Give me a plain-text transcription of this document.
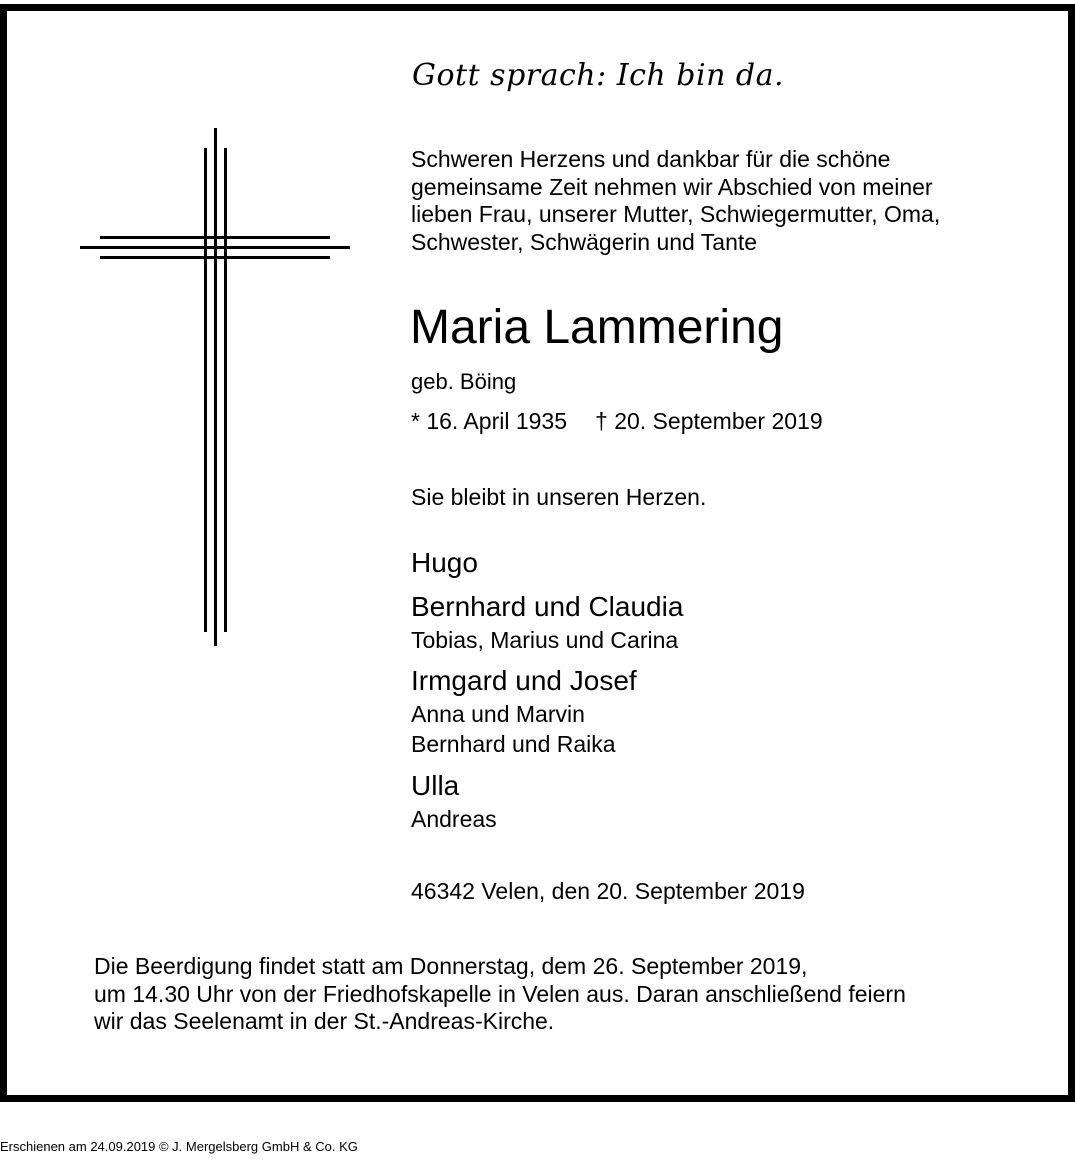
Gott sprach: Ich bin da.

Schweren Herzens und dankbar für die schöne
gemeinsame Zeit nehmen wir Abschied von meiner
lieben Frau, unserer Mutter, Schwiegermutter, Oma,
Schwester, Schwägerin und Tante

Maria Lammering

geb. Böing

* 16. April 1935 † 20. September 2019

Sie bleibt in unseren Herzen.

Hugo

Bernhard und Claudia

Tobias, Marius und Carina

Irmgard und Josef

Anna und Marvin

Bernhard und Raika

Ulla

Andreas

46342 Velen, den 20. September 2019

Die Beerdigung findet statt am Donnerstag, dem 26. September 2019,
um 14.30 Uhr von der Friedhofskapelle in Velen aus. Daran anschließend feiern
wir das Seelenamt in der St.-Andreas-Kirche.

Erschienen am 24.09.2019 © J. Mergelsberg GmbH & Co. KG
